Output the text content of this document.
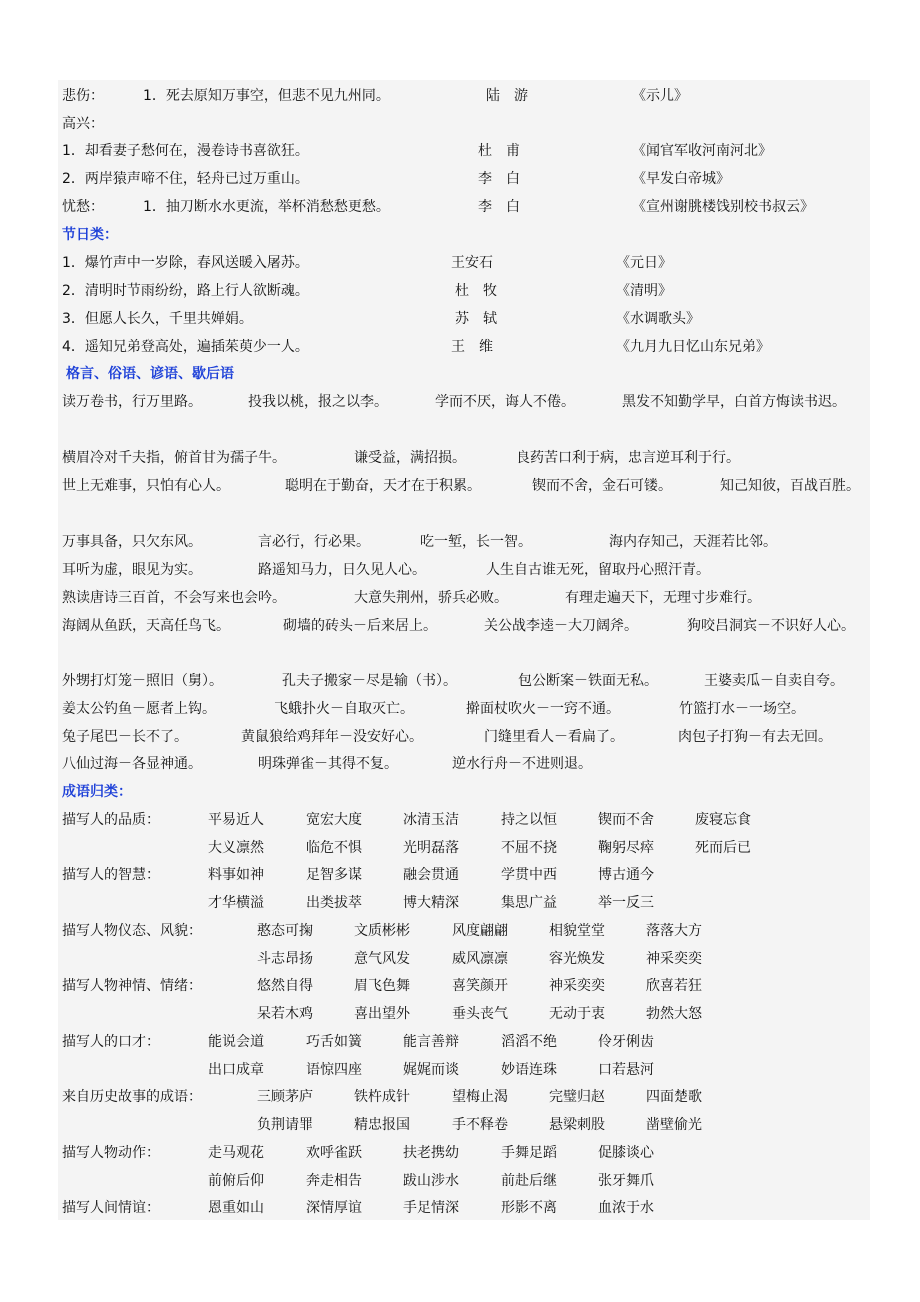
悲伤：	1．死去原知万事空，但悲不见九州同。	陆　游	《示儿》
高兴：
1．却看妻子愁何在，漫卷诗书喜欲狂。	杜　甫	《闻官军收河南河北》
2．两岸猿声啼不住，轻舟已过万重山。	李　白	《早发白帝城》
忧愁：	1．抽刀断水水更流，举杯消愁愁更愁。	李　白	《宣州谢朓楼饯别校书叔云》
节日类：
1．爆竹声中一岁除，春风送暖入屠苏。	王安石	《元日》
2．清明时节雨纷纷，路上行人欲断魂。	杜　牧	《清明》
3．但愿人长久，千里共婵娟。	苏　轼	《水调歌头》
4．遥知兄弟登高处，遍插茱萸少一人。	王　维	《九月九日忆山东兄弟》
格言、俗语、谚语、歇后语
读万卷书，行万里路。	投我以桃，报之以李。	学而不厌，诲人不倦。	黑发不知勤学早，白首方悔读书迟。
横眉冷对千夫指，俯首甘为孺子牛。	谦受益，满招损。	良药苦口利于病，忠言逆耳利于行。
世上无难事，只怕有心人。	聪明在于勤奋，天才在于积累。	锲而不舍，金石可镂。	知己知彼，百战百胜。
万事具备，只欠东风。	言必行，行必果。	吃一堑，长一智。	海内存知己，天涯若比邻。
耳听为虚，眼见为实。	路遥知马力，日久见人心。	人生自古谁无死，留取丹心照汗青。
熟读唐诗三百首，不会写来也会吟。	大意失荆州，骄兵必败。	有理走遍天下，无理寸步难行。
海阔从鱼跃，天高任鸟飞。	砌墙的砖头－后来居上。	关公战李逵－大刀阔斧。	狗咬吕洞宾－不识好人心。
外甥打灯笼－照旧（舅）。	孔夫子搬家－尽是输（书）。	包公断案－铁面无私。	王婆卖瓜－自卖自夸。
姜太公钓鱼－愿者上钩。	飞蛾扑火－自取灭亡。	擀面杖吹火－一窍不通。	竹篮打水－一场空。
兔子尾巴－长不了。	黄鼠狼给鸡拜年－没安好心。	门缝里看人－看扁了。	肉包子打狗－有去无回。
八仙过海－各显神通。	明珠弹雀－其得不复。	逆水行舟－不进则退。
成语归类：
描写人的品质：	平易近人	宽宏大度	冰清玉洁	持之以恒	锲而不舍	废寝忘食
大义凛然	临危不惧	光明磊落	不屈不挠	鞠躬尽瘁	死而后已
描写人的智慧：	料事如神	足智多谋	融会贯通	学贯中西	博古通今
才华横溢	出类拔萃	博大精深	集思广益	举一反三
描写人物仪态、风貌：	憨态可掬	文质彬彬	风度翩翩	相貌堂堂	落落大方
斗志昂扬	意气风发	威风凛凛	容光焕发	神采奕奕
描写人物神情、情绪：	悠然自得	眉飞色舞	喜笑颜开	神采奕奕	欣喜若狂
呆若木鸡	喜出望外	垂头丧气	无动于衷	勃然大怒
描写人的口才：	能说会道	巧舌如簧	能言善辩	滔滔不绝	伶牙俐齿
出口成章	语惊四座	娓娓而谈	妙语连珠	口若悬河
来自历史故事的成语：	三顾茅庐	铁杵成针	望梅止渴	完璧归赵	四面楚歌
负荆请罪	精忠报国	手不释卷	悬梁刺股	凿壁偷光
描写人物动作：	走马观花	欢呼雀跃	扶老携幼	手舞足蹈	促膝谈心
前俯后仰	奔走相告	跋山涉水	前赴后继	张牙舞爪
描写人间情谊：	恩重如山	深情厚谊	手足情深	形影不离	血浓于水
